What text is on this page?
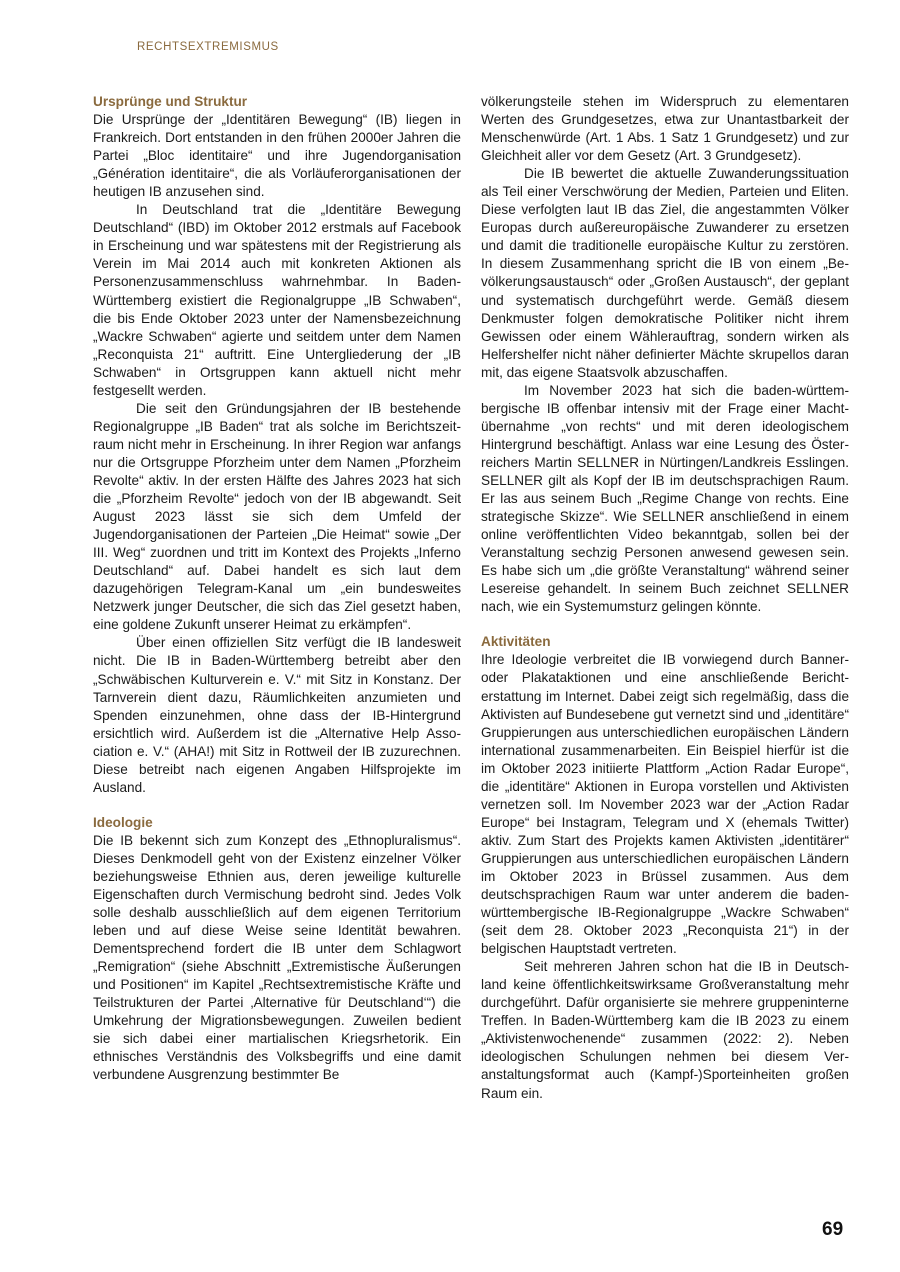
RECHTSEXTREMISMUS
Ursprünge und Struktur

Die Ursprünge der „Identitären Bewegung“ (IB) liegen in Frankreich. Dort entstanden in den frühen 2000er Jahren die Partei „Bloc identitaire“ und ihre Jugendorganisation „Génération identitaire“, die als Vorläuferorganisationen der heutigen IB anzusehen sind.

In Deutschland trat die „Identitäre Bewegung Deutschland“ (IBD) im Oktober 2012 erstmals auf Facebook in Erscheinung und war spätestens mit der Registrierung als Verein im Mai 2014 auch mit konkreten Aktionen als Personenzusammenschluss wahrnehmbar. In Baden-Württemberg existiert die Regionalgruppe „IB Schwaben“, die bis Ende Oktober 2023 unter der Namensbezeichnung „Wackre Schwaben“ agierte und seitdem unter dem Namen „Reconquista 21“ auftritt. Eine Untergliederung der „IB Schwaben“ in Ortsgruppen kann aktuell nicht mehr festgesellt werden.

Die seit den Gründungsjahren der IB bestehende Regionalgruppe „IB Baden“ trat als solche im Berichtszeitraum nicht mehr in Erscheinung. In ihrer Region war anfangs nur die Ortsgruppe Pforzheim unter dem Namen „Pforzheim Revolte“ aktiv. In der ersten Hälfte des Jahres 2023 hat sich die „Pforzheim Revolte“ jedoch von der IB abgewandt. Seit August 2023 lässt sie sich dem Umfeld der Jugendorganisationen der Parteien „Die Heimat“ sowie „Der III. Weg“ zuordnen und tritt im Kontext des Projekts „Inferno Deutschland“ auf. Dabei handelt es sich laut dem dazugehörigen Telegram-Kanal um „ein bundesweites Netzwerk junger Deutscher, die sich das Ziel gesetzt haben, eine goldene Zukunft unserer Heimat zu erkämpfen“.

Über einen offiziellen Sitz verfügt die IB landesweit nicht. Die IB in Baden-Württemberg betreibt aber den „Schwäbischen Kulturverein e. V.“ mit Sitz in Konstanz. Der Tarnverein dient dazu, Räumlichkeiten anzumieten und Spenden einzunehmen, ohne dass der IB-Hintergrund ersichtlich wird. Außerdem ist die „Alternative Help Association e. V.“ (AHA!) mit Sitz in Rottweil der IB zuzurechnen. Diese betreibt nach eigenen Angaben Hilfsprojekte im Ausland.

Ideologie

Die IB bekennt sich zum Konzept des „Ethnopluralismus“. Dieses Denkmodell geht von der Existenz einzelner Völker beziehungsweise Ethnien aus, deren jeweilige kulturelle Eigenschaften durch Vermischung bedroht sind. Jedes Volk solle deshalb ausschließlich auf dem eigenen Territorium leben und auf diese Weise seine Identität bewahren. Dementsprechend fordert die IB unter dem Schlagwort „Remigration“ (siehe Abschnitt „Extremistische Äußerungen und Positionen“ im Kapitel „Rechtsextremistische Kräfte und Teilstrukturen der Partei ‚Alternative für Deutschland‘“) die Umkehrung der Migrationsbewegungen. Zuweilen bedient sie sich dabei einer martialischen Kriegsrhetorik. Ein ethnisches Verständnis des Volksbegriffs und eine damit verbundene Ausgrenzung bestimmter Be

völkerungsteile stehen im Widerspruch zu elementaren Werten des Grundgesetzes, etwa zur Unantastbarkeit der Menschenwürde (Art. 1 Abs. 1 Satz 1 Grundgesetz) und zur Gleichheit aller vor dem Gesetz (Art. 3 Grundgesetz).

Die IB bewertet die aktuelle Zuwanderungssituation als Teil einer Verschwörung der Medien, Parteien und Eliten. Diese verfolgten laut IB das Ziel, die angestammten Völker Europas durch außereuropäische Zuwanderer zu ersetzen und damit die traditionelle europäische Kultur zu zerstören. In diesem Zusammenhang spricht die IB von einem „Bevölkerungsaustausch“ oder „Großen Austausch“, der geplant und systematisch durchgeführt werde. Gemäß diesem Denkmuster folgen demokratische Politiker nicht ihrem Gewissen oder einem Wählerauftrag, sondern wirken als Helfershelfer nicht näher definierter Mächte skrupellos daran mit, das eigene Staatsvolk abzuschaffen.

Im November 2023 hat sich die baden-württembergische IB offenbar intensiv mit der Frage einer Machtübernahme „von rechts“ und mit deren ideologischem Hintergrund beschäftigt. Anlass war eine Lesung des Österreichers Martin SELLNER in Nürtingen/Landkreis Esslingen. SELLNER gilt als Kopf der IB im deutschsprachigen Raum. Er las aus seinem Buch „Regime Change von rechts. Eine strategische Skizze“. Wie SELLNER anschließend in einem online veröffentlichten Video bekanntgab, sollen bei der Veranstaltung sechzig Personen anwesend gewesen sein. Es habe sich um „die größte Veranstaltung“ während seiner Lesereise gehandelt. In seinem Buch zeichnet SELLNER nach, wie ein Systemumsturz gelingen könnte.

Aktivitäten

Ihre Ideologie verbreitet die IB vorwiegend durch Banner- oder Plakataktionen und eine anschließende Berichterstattung im Internet. Dabei zeigt sich regelmäßig, dass die Aktivisten auf Bundesebene gut vernetzt sind und „identitäre“ Gruppierungen aus unterschiedlichen europäischen Ländern international zusammenarbeiten. Ein Beispiel hierfür ist die im Oktober 2023 initiierte Plattform „Action Radar Europe“, die „identitäre“ Aktionen in Europa vorstellen und Aktivisten vernetzen soll. Im November 2023 war der „Action Radar Europe“ bei Instagram, Telegram und X (ehemals Twitter) aktiv. Zum Start des Projekts kamen Aktivisten „identitärer“ Gruppierungen aus unterschiedlichen europäischen Ländern im Oktober 2023 in Brüssel zusammen. Aus dem deutschsprachigen Raum war unter anderem die baden-württembergische IB-Regionalgruppe „Wackre Schwaben“ (seit dem 28. Oktober 2023 „Reconquista 21“) in der belgischen Hauptstadt vertreten.

Seit mehreren Jahren schon hat die IB in Deutschland keine öffentlichkeitswirksame Großveranstaltung mehr durchgeführt. Dafür organisierte sie mehrere gruppeninterne Treffen. In Baden-Württemberg kam die IB 2023 zu einem „Aktivistenwochenende“ zusammen (2022: 2). Neben ideologischen Schulungen nehmen bei diesem Veranstaltungsformat auch (Kampf-)Sporteinheiten großen Raum ein.

69
